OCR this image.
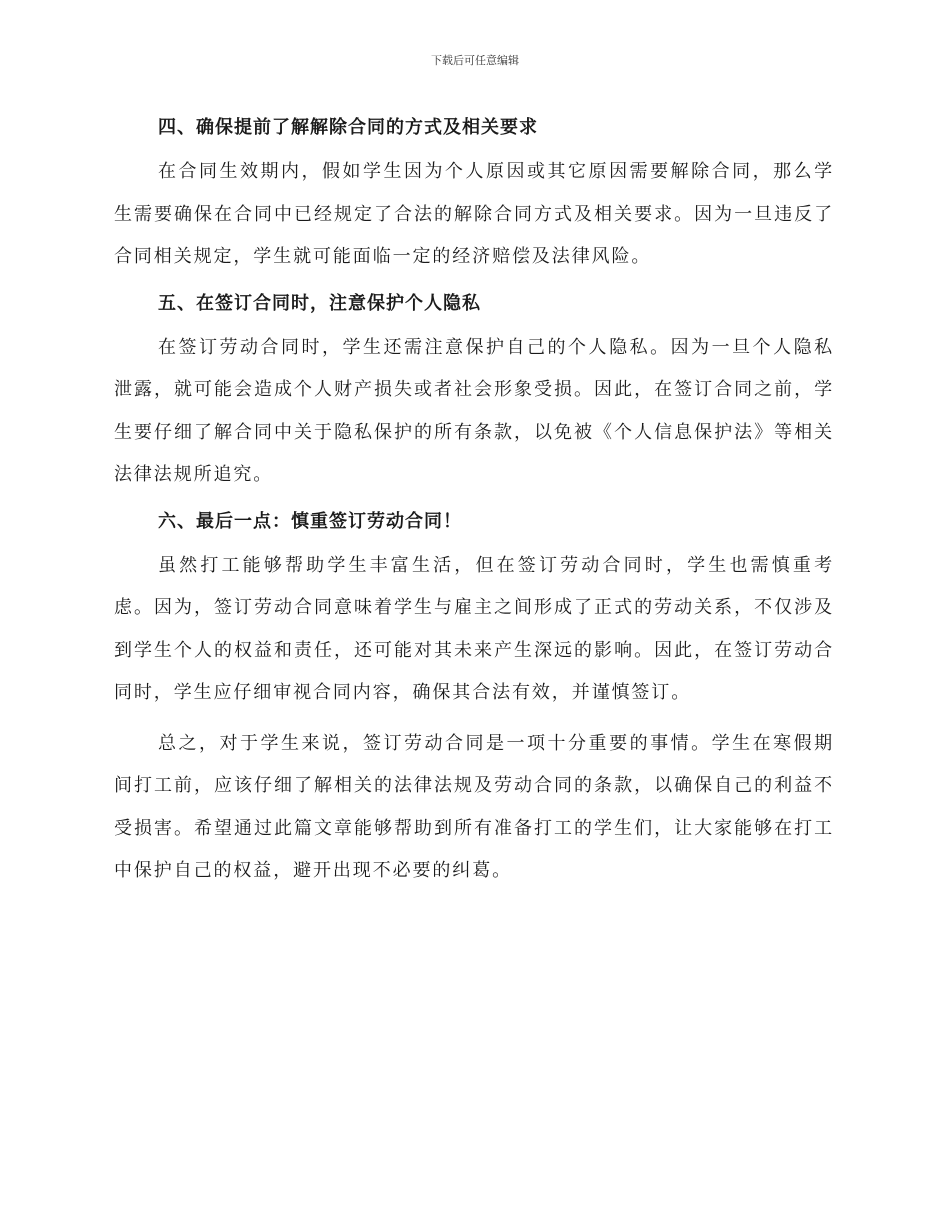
下载后可任意编辑
四、确保提前了解解除合同的方式及相关要求

在合同生效期内，假如学生因为个人原因或其它原因需要解除合同，那么学生需要确保在合同中已经规定了合法的解除合同方式及相关要求。因为一旦违反了合同相关规定，学生就可能面临一定的经济赔偿及法律风险。

五、在签订合同时，注意保护个人隐私

在签订劳动合同时，学生还需注意保护自己的个人隐私。因为一旦个人隐私泄露，就可能会造成个人财产损失或者社会形象受损。因此，在签订合同之前，学生要仔细了解合同中关于隐私保护的所有条款，以免被《个人信息保护法》等相关法律法规所追究。

六、最后一点：慎重签订劳动合同！

虽然打工能够帮助学生丰富生活，但在签订劳动合同时，学生也需慎重考虑。因为，签订劳动合同意味着学生与雇主之间形成了正式的劳动关系，不仅涉及到学生个人的权益和责任，还可能对其未来产生深远的影响。因此，在签订劳动合同时，学生应仔细审视合同内容，确保其合法有效，并谨慎签订。

总之，对于学生来说，签订劳动合同是一项十分重要的事情。学生在寒假期间打工前，应该仔细了解相关的法律法规及劳动合同的条款，以确保自己的利益不受损害。希望通过此篇文章能够帮助到所有准备打工的学生们，让大家能够在打工中保护自己的权益，避开出现不必要的纠葛。
